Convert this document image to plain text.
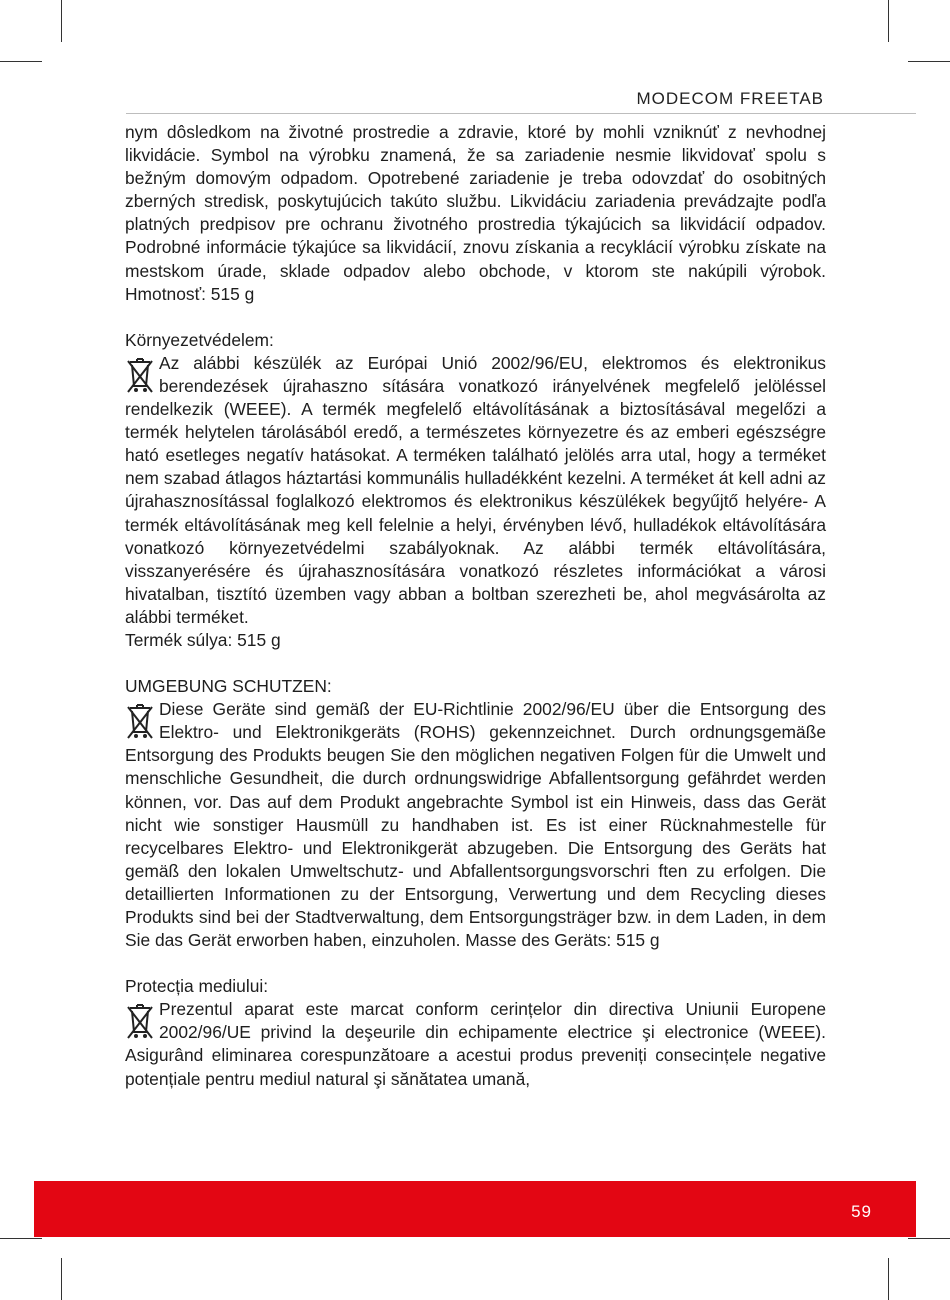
MODECOM FREETAB

nym dôsledkom na životné prostredie a zdravie, ktoré by mohli vzniknúť z nevhodnej likvidácie. Symbol na výrobku znamená, že sa zariadenie nesmie likvidovať spolu s bežným domovým odpadom. Opotrebené zariadenie je treba odovzdať do osobitných zberných stredisk, poskytujúcich takúto službu. Likvidáciu zariadenia prevádzajte podľa platných predpisov pre ochranu životného prostredia týkajúcich sa likvidácií odpadov. Podrobné informácie týkajúce sa likvidácií, znovu získania a recyklácií výrobku získate na mestskom úrade, sklade odpadov alebo obchode, v ktorom ste nakúpili výrobok. Hmotnosť: 515 g

Környezetvédelem:

Az alábbi készülék az Európai Unió 2002/96/EU, elektromos és elektronikus berendezések újrahaszno sítására vonatkozó irányelvének megfelelő jelöléssel rendelkezik (WEEE). A termék megfelelő eltávolításának a biztosításával megelőzi a termék helytelen tárolásából eredő, a természetes környezetre és az emberi egészségre ható esetleges negatív hatásokat. A terméken található jelölés arra utal, hogy a terméket nem szabad átlagos háztartási kommunális hulladékként kezelni. A terméket át kell adni az újrahasznosítással foglalkozó elektromos és elektronikus készülékek begyűjtő helyére- A termék eltávolításának meg kell felelnie a helyi, érvényben lévő, hulladékok eltávolítására vonatkozó környezetvédelmi szabályoknak. Az alábbi termék eltávolítására, visszanyerésére és újrahasznosítására vonatkozó részletes információkat a városi hivatalban, tisztító üzemben vagy abban a boltban szerezheti be, ahol megvásárolta az alábbi terméket.

Termék súlya: 515 g

UMGEBUNG SCHUTZEN:

Diese Geräte sind gemäß der EU-Richtlinie 2002/96/EU über die Entsorgung des Elektro- und Elektronikgeräts (ROHS) gekennzeichnet. Durch ordnungsgemäße Entsorgung des Produkts beugen Sie den möglichen negativen Folgen für die Umwelt und menschliche Gesundheit, die durch ordnungswidrige Abfallentsorgung gefährdet werden können, vor. Das auf dem Produkt angebrachte Symbol ist ein Hinweis, dass das Gerät nicht wie sonstiger Hausmüll zu handhaben ist. Es ist einer Rücknahmestelle für recycelbares Elektro- und Elektronikgerät abzugeben. Die Entsorgung des Geräts hat gemäß den lokalen Umweltschutz- und Abfallentsorgungsvorschri ften zu erfolgen. Die detaillierten Informationen zu der Entsorgung, Verwertung und dem Recycling dieses Produkts sind bei der Stadtverwaltung, dem Entsorgungsträger bzw. in dem Laden, in dem Sie das Gerät erworben haben, einzuholen. Masse des Geräts: 515 g

Protecția mediului:

Prezentul aparat este marcat conform cerințelor din directiva Uniunii Europene 2002/96/UE privind la deşeurile din echipamente electrice şi electronice (WEEE). Asigurând eliminarea corespunzătoare a acestui produs preveniți consecințele negative potențiale pentru mediul natural şi sănătatea umană,

59
